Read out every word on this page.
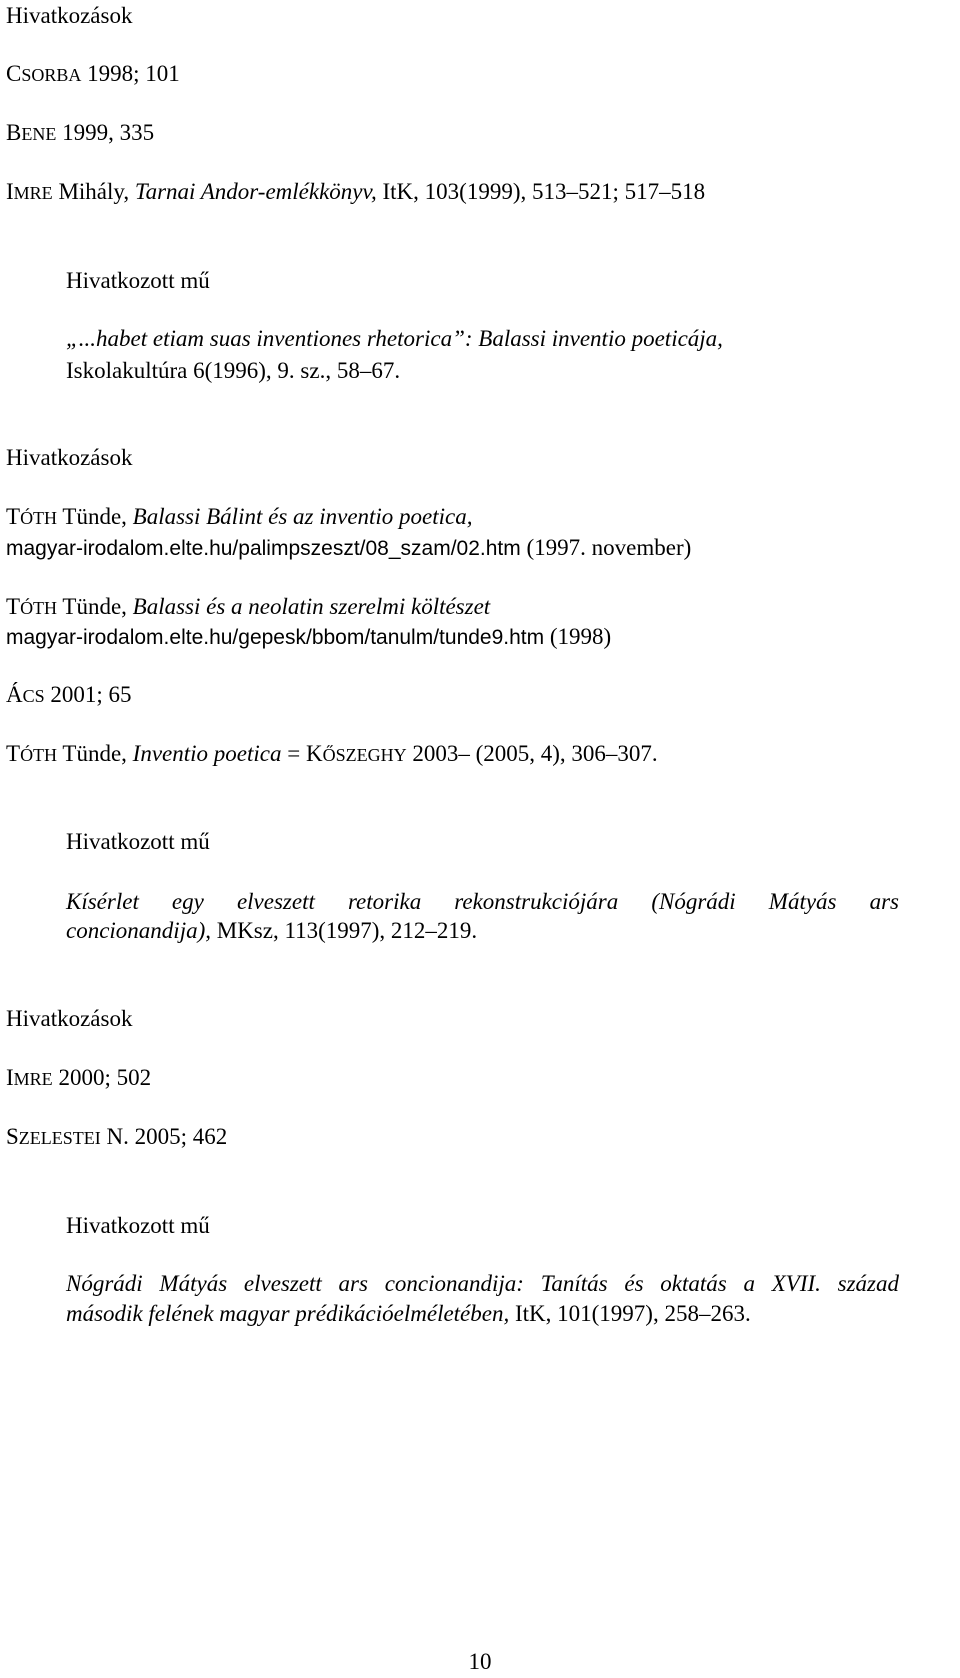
Hivatkozások
CSORBA 1998; 101
BENE 1999, 335
IMRE Mihály, Tarnai Andor-emlékkönyv, ItK, 103(1999), 513–521; 517–518
Hivatkozott mű
„...habet etiam suas inventiones rhetorica”: Balassi inventio poeticája,
Iskolakultúra 6(1996), 9. sz., 58–67.
Hivatkozások
TÓTH Tünde, Balassi Bálint és az inventio poetica,
magyar-irodalom.elte.hu/palimpszeszt/08_szam/02.htm (1997. november)
TÓTH Tünde, Balassi és a neolatin szerelmi költészet
magyar-irodalom.elte.hu/gepesk/bbom/tanulm/tunde9.htm (1998)
ÁCS 2001; 65
TÓTH Tünde, Inventio poetica = KŐSZEGHY 2003– (2005, 4), 306–307.
Hivatkozott mű
Kísérlet egy elveszett retorika rekonstrukciójára (Nógrádi Mátyás ars
concionandija), MKsz, 113(1997), 212–219.
Hivatkozások
IMRE 2000; 502
SZELESTEI N. 2005; 462
Hivatkozott mű
Nógrádi Mátyás elveszett ars concionandija: Tanítás és oktatás a XVII. század
második felének magyar prédikációelméletében, ItK, 101(1997), 258–263.
10
